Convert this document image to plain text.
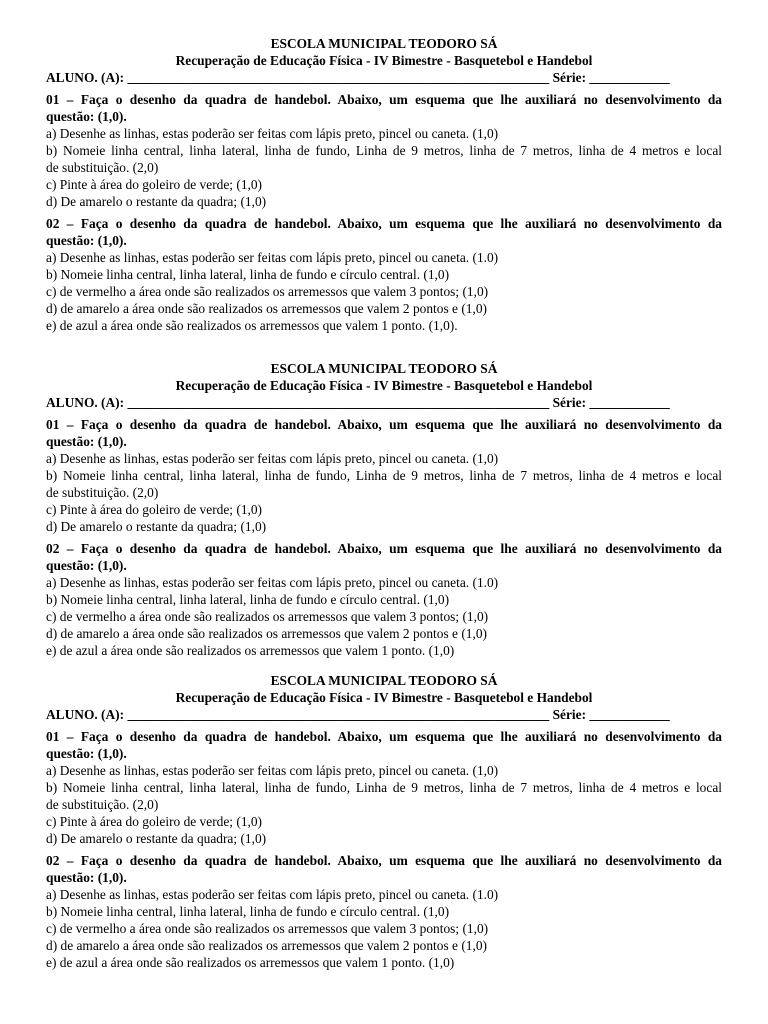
ESCOLA MUNICIPAL TEODORO SÁ

Recuperação de Educação Física - IV Bimestre - Basquetebol e Handebol

ALUNO. (A): _______________________________________________________________ Série: ____________

01 – Faça o desenho da quadra de handebol. Abaixo, um esquema que lhe auxiliará no desenvolvimento da

questão: (1,0).

a) Desenhe as linhas, estas poderão ser feitas com lápis preto, pincel ou caneta. (1,0)

b) Nomeie linha central, linha lateral, linha de fundo, Linha de 9 metros, linha de 7 metros, linha de 4 metros e local

de substituição. (2,0)

c) Pinte à área do goleiro de verde; (1,0)

d) De amarelo o restante da quadra; (1,0)

02 – Faça o desenho da quadra de handebol. Abaixo, um esquema que lhe auxiliará no desenvolvimento da

questão: (1,0).

a) Desenhe as linhas, estas poderão ser feitas com lápis preto, pincel ou caneta. (1.0)

b) Nomeie linha central, linha lateral, linha de fundo e círculo central. (1,0)

c) de vermelho a área onde são realizados os arremessos que valem 3 pontos; (1,0)

d) de amarelo a área onde são realizados os arremessos que valem 2 pontos e (1,0)

e) de azul a área onde são realizados os arremessos que valem 1 ponto. (1,0).

ESCOLA MUNICIPAL TEODORO SÁ

Recuperação de Educação Física - IV Bimestre - Basquetebol e Handebol

ALUNO. (A): _______________________________________________________________ Série: ____________

01 – Faça o desenho da quadra de handebol. Abaixo, um esquema que lhe auxiliará no desenvolvimento da

questão: (1,0).

a) Desenhe as linhas, estas poderão ser feitas com lápis preto, pincel ou caneta. (1,0)

b) Nomeie linha central, linha lateral, linha de fundo, Linha de 9 metros, linha de 7 metros, linha de 4 metros e local

de substituição. (2,0)

c) Pinte à área do goleiro de verde; (1,0)

d) De amarelo o restante da quadra; (1,0)

02 – Faça o desenho da quadra de handebol. Abaixo, um esquema que lhe auxiliará no desenvolvimento da

questão: (1,0).

a) Desenhe as linhas, estas poderão ser feitas com lápis preto, pincel ou caneta. (1.0)

b) Nomeie linha central, linha lateral, linha de fundo e círculo central. (1,0)

c) de vermelho a área onde são realizados os arremessos que valem 3 pontos; (1,0)

d) de amarelo a área onde são realizados os arremessos que valem 2 pontos e (1,0)

e) de azul a área onde são realizados os arremessos que valem 1 ponto. (1,0)

ESCOLA MUNICIPAL TEODORO SÁ

Recuperação de Educação Física - IV Bimestre - Basquetebol e Handebol

ALUNO. (A): _______________________________________________________________ Série: ____________

01 – Faça o desenho da quadra de handebol. Abaixo, um esquema que lhe auxiliará no desenvolvimento da

questão: (1,0).

a) Desenhe as linhas, estas poderão ser feitas com lápis preto, pincel ou caneta. (1,0)

b) Nomeie linha central, linha lateral, linha de fundo, Linha de 9 metros, linha de 7 metros, linha de 4 metros e local

de substituição. (2,0)

c) Pinte à área do goleiro de verde; (1,0)

d) De amarelo o restante da quadra; (1,0)

02 – Faça o desenho da quadra de handebol. Abaixo, um esquema que lhe auxiliará no desenvolvimento da

questão: (1,0).

a) Desenhe as linhas, estas poderão ser feitas com lápis preto, pincel ou caneta. (1.0)

b) Nomeie linha central, linha lateral, linha de fundo e círculo central. (1,0)

c) de vermelho a área onde são realizados os arremessos que valem 3 pontos; (1,0)

d) de amarelo a área onde são realizados os arremessos que valem 2 pontos e (1,0)

e) de azul a área onde são realizados os arremessos que valem 1 ponto. (1,0)
